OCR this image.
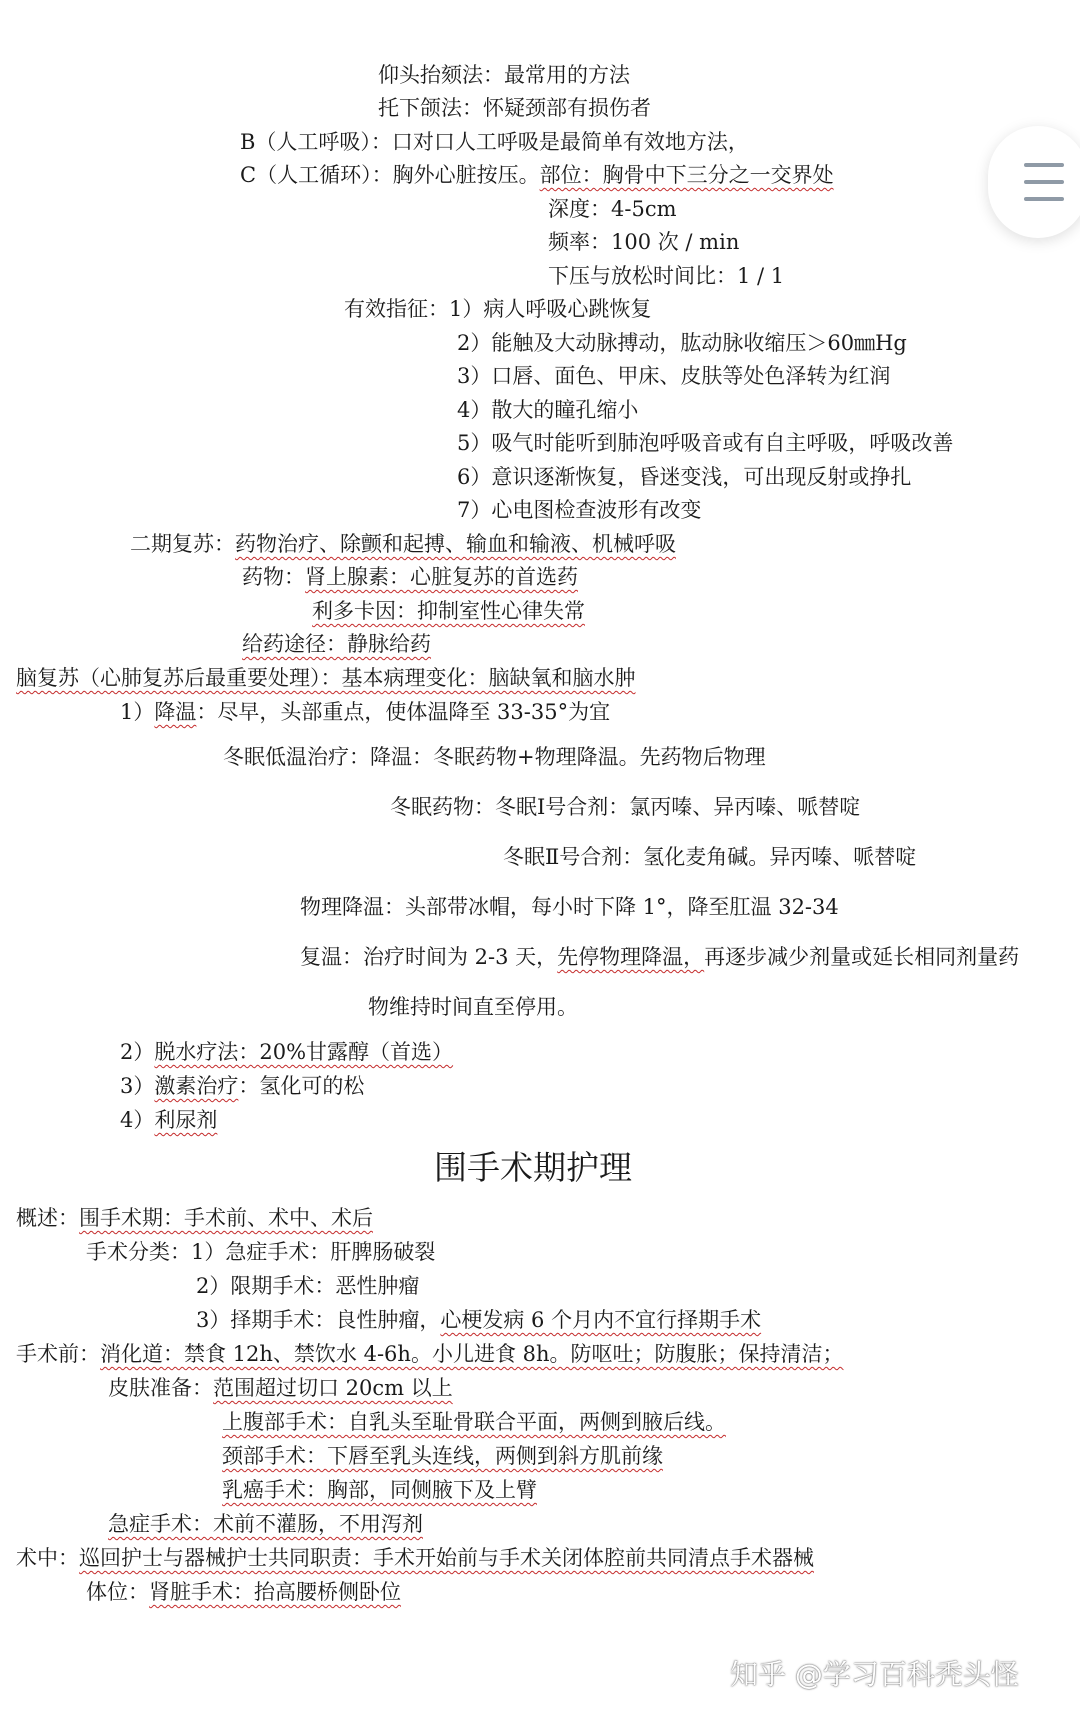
仰头抬颏法：最常用的方法
托下颌法：怀疑颈部有损伤者
B（人工呼吸）：口对口人工呼吸是最简单有效地方法，
C（人工循环）：胸外心脏按压。部位：胸骨中下三分之一交界处
深度：4-5cm
频率：100 次 / min
下压与放松时间比：1 / 1
有效指征：1）病人呼吸心跳恢复
2）能触及大动脉搏动，肱动脉收缩压＞60㎜Hg
3）口唇、面色、甲床、皮肤等处色泽转为红润
4）散大的瞳孔缩小
5）吸气时能听到肺泡呼吸音或有自主呼吸，呼吸改善
6）意识逐渐恢复，昏迷变浅，可出现反射或挣扎
7）心电图检查波形有改变
二期复苏：药物治疗、除颤和起搏、输血和输液、机械呼吸
药物：肾上腺素：心脏复苏的首选药
利多卡因：抑制室性心律失常
给药途径：静脉给药
脑复苏（心肺复苏后最重要处理）：基本病理变化：脑缺氧和脑水肿
1）降温：尽早，头部重点，使体温降至 33-35°为宜
冬眠低温治疗：降温：冬眠药物+物理降温。先药物后物理
冬眠药物：冬眠Ⅰ号合剂：氯丙嗪、异丙嗪、哌替啶
冬眠Ⅱ号合剂：氢化麦角碱。异丙嗪、哌替啶
物理降温：头部带冰帽，每小时下降 1°，降至肛温 32-34
复温：治疗时间为 2-3 天，先停物理降温，再逐步减少剂量或延长相同剂量药
物维持时间直至停用。
2）脱水疗法：20%甘露醇（首选）
3）激素治疗：氢化可的松
4）利尿剂
围手术期护理
概述：围手术期：手术前、术中、术后
手术分类：1）急症手术：肝脾肠破裂
2）限期手术：恶性肿瘤
3）择期手术：良性肿瘤，心梗发病 6 个月内不宜行择期手术
手术前：消化道：禁食 12h、禁饮水 4-6h。小儿进食 8h。防呕吐；防腹胀；保持清洁；
皮肤准备：范围超过切口 20cm 以上
上腹部手术：自乳头至耻骨联合平面，两侧到腋后线。
颈部手术：下唇至乳头连线，两侧到斜方肌前缘
乳癌手术：胸部，同侧腋下及上臂
急症手术：术前不灌肠，不用泻剂
术中：巡回护士与器械护士共同职责：手术开始前与手术关闭体腔前共同清点手术器械
体位：肾脏手术：抬高腰桥侧卧位
知乎 @学习百科秃头怪
